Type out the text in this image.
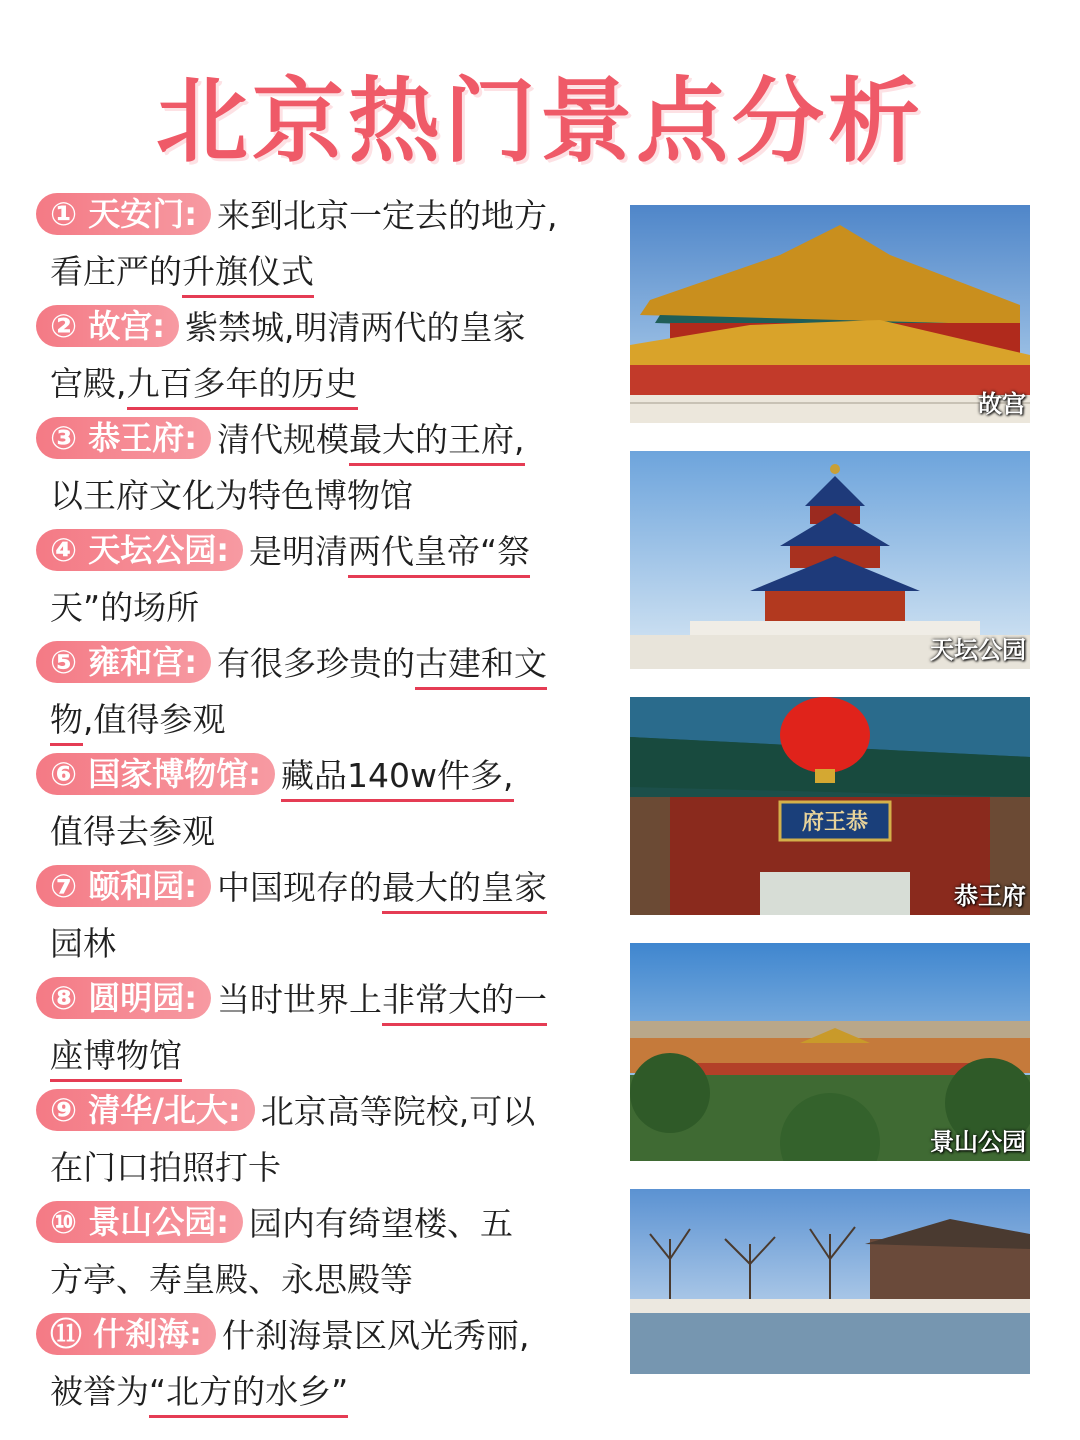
北京热门景点分析
① 天安门: 来到北京一定去的地方,
看庄严的升旗仪式
② 故宫: 紫禁城,明清两代的皇家
宫殿,九百多年的历史
③ 恭王府: 清代规模最大的王府,
以王府文化为特色博物馆
④ 天坛公园: 是明清两代皇帝“祭
天”的场所
⑤ 雍和宫: 有很多珍贵的古建和文
物,值得参观
⑥ 国家博物馆: 藏品140w件多,
值得去参观
⑦ 颐和园: 中国现存的最大的皇家
园林
⑧ 圆明园: 当时世界上非常大的一
座博物馆
⑨ 清华/北大: 北京高等院校,可以
在门口拍照打卡
⑩ 景山公园: 园内有绮望楼、五
方亭、寿皇殿、永思殿等
⑪ 什刹海: 什刹海景区风光秀丽,
被誉为“北方的水乡”
故宫
天坛公园
府王恭
恭王府
景山公园
